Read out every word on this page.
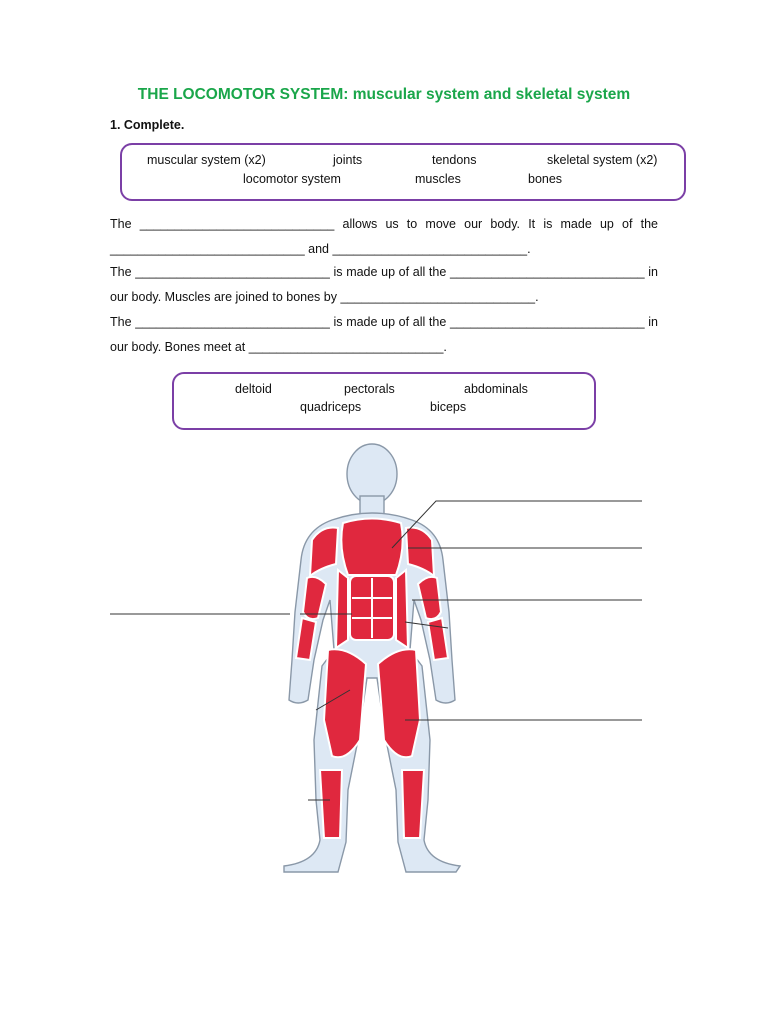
THE LOCOMOTOR SYSTEM: muscular system and skeletal system
1. Complete.
muscular system (x2)	joints	tendons	skeletal system (x2)
locomotor system	muscles	bones
The ____________________________ allows us to move our body. It is made up of the
____________________________ and ____________________________.
The ____________________________ is made up of all the ____________________________ in
our body. Muscles are joined to bones by ____________________________.
The ____________________________ is made up of all the ____________________________ in
our body. Bones meet at ____________________________.
deltoid	pectorals	abdominals
quadriceps	biceps
